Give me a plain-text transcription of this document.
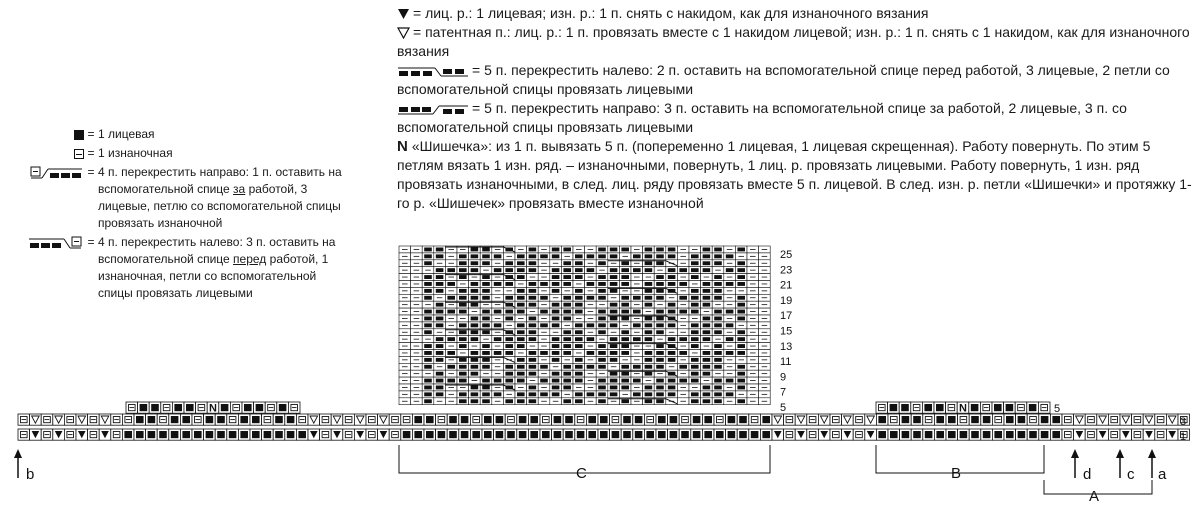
= 1 лицевая
= 1 изнаночная
= 4 п. перекрестить направо: 1 п. оставить на вспомогательной спице за работой, 3 лицевые, петлю со вспомогательной спицы провязать изнаночной
= 4 п. перекрестить налево: 3 п. оставить на вспомогательной спице перед работой, 1 изнаночная, петли со вспомогательной спицы провязать лицевыми
= лиц. р.: 1 лицевая; изн. р.: 1 п. снять с накидом, как для изнаночного вязания
= патентная п.: лиц. р.: 1 п. провязать вместе с 1 накидом лицевой; изн. р.: 1 п. снять с 1 накидом, как для изнаночного вязания
= 5 п. перекрестить налево: 2 п. оставить на вспомогательной спице перед работой, 3 лицевые, 2 петли со вспомогательной спицы провязать лицевыми
= 5 п. перекрестить направо: 3 п. оставить на вспомогательной спице за работой, 2 лицевые, 3 п. со вспомогательной спицы провязать лицевыми
N «Шишечка»: из 1 п. вывязать 5 п. (попеременно 1 лицевая, 1 лицевая скрещенная). Работу повернуть. По этим 5 петлям вязать 1 изн. ряд. – изнаночными, повернуть, 1 лиц. р. провязать лицевыми. Работу повернуть, 1 изн. ряд провязать изнаночными, в след. лиц. ряду провязать вместе 5 п. лицевой. В след. изн. р. петли «Шишечки» и протяжку 1-го р. «Шишечек» провязать вместе изнаночной
N	N
25
23
21
19
17
15
13
11
9
7
5
3
1
5
C	B
A
b	a
c
d
